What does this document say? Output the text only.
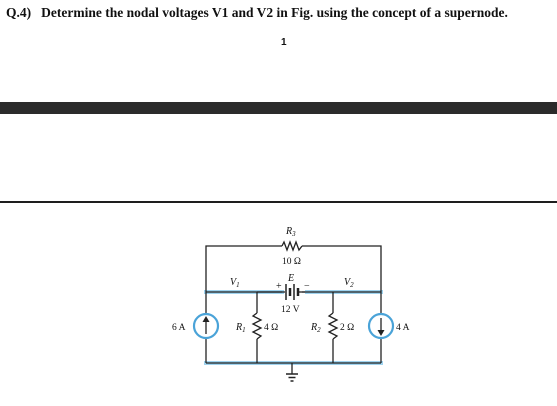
Q.4) Determine the nodal voltages V1 and V2 in Fig. using the concept of a supernode.
1
$R_3$
10 Ω
E
+ −
12 V
$V_1$	$V_2$
$R_1$ 4 Ω	$R_2$ 2 Ω
6 A	4 A
